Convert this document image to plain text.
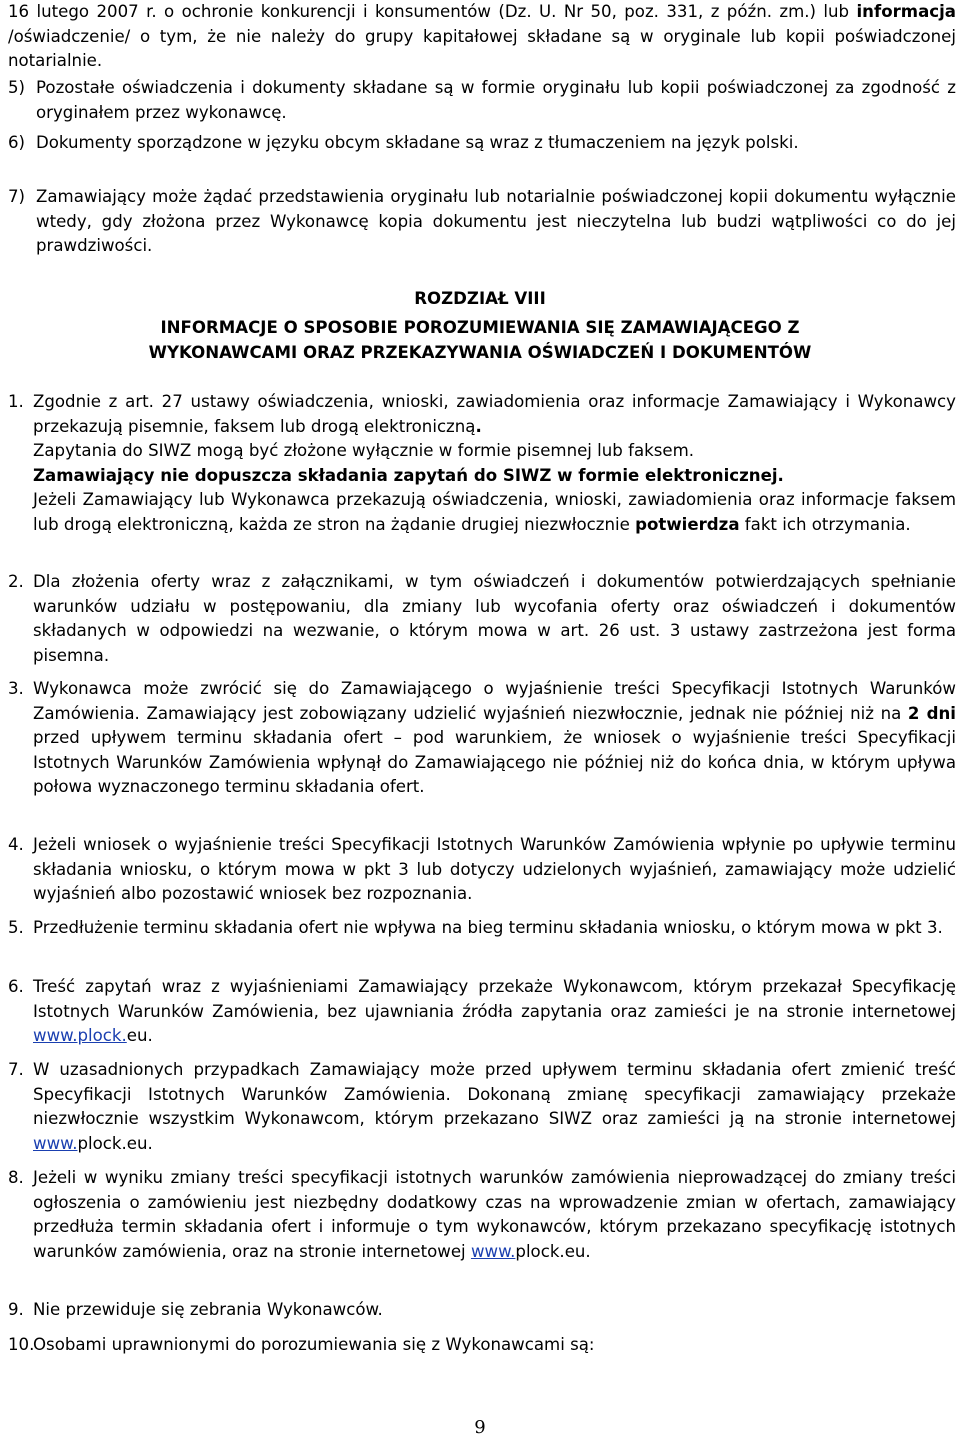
16 lutego 2007 r. o ochronie konkurencji i konsumentów (Dz. U. Nr 50, poz. 331, z późn. zm.) lub informacja /oświadczenie/ o tym, że nie należy do grupy kapitałowej składane są w oryginale lub kopii poświadczonej notarialnie.

5) Pozostałe oświadczenia i dokumenty składane są w formie oryginału lub kopii poświadczonej za zgodność z oryginałem przez wykonawcę.
6) Dokumenty sporządzone w języku obcym składane są wraz z tłumaczeniem na język polski.
7) Zamawiający może żądać przedstawienia oryginału lub notarialnie poświadczonej kopii dokumentu wyłącznie wtedy, gdy złożona przez Wykonawcę kopia dokumentu jest nieczytelna lub budzi wątpliwości co do jej prawdziwości.

ROZDZIAŁ VIII

INFORMACJE O SPOSOBIE POROZUMIEWANIA SIĘ ZAMAWIAJĄCEGO Z

WYKONAWCAMI ORAZ PRZEKAZYWANIA OŚWIADCZEŃ I DOKUMENTÓW

1. Zgodnie z art. 27 ustawy oświadczenia, wnioski, zawiadomienia oraz informacje Zamawiający i Wykonawcy przekazują pisemnie, faksem lub drogą elektroniczną.

Zapytania do SIWZ mogą być złożone wyłącznie w formie pisemnej lub faksem.

Zamawiający nie dopuszcza składania zapytań do SIWZ w formie elektronicznej.

Jeżeli Zamawiający lub Wykonawca przekazują oświadczenia, wnioski, zawiadomienia oraz informacje faksem lub drogą elektroniczną, każda ze stron na żądanie drugiej niezwłocznie potwierdza fakt ich otrzymania.

2. Dla złożenia oferty wraz z załącznikami, w tym oświadczeń i dokumentów potwierdzających spełnianie warunków udziału w postępowaniu, dla zmiany lub wycofania oferty oraz oświadczeń i dokumentów składanych w odpowiedzi na wezwanie, o którym mowa w art. 26 ust. 3 ustawy zastrzeżona jest forma pisemna.
3. Wykonawca może zwrócić się do Zamawiającego o wyjaśnienie treści Specyfikacji Istotnych Warunków Zamówienia. Zamawiający jest zobowiązany udzielić wyjaśnień niezwłocznie, jednak nie później niż na 2 dni przed upływem terminu składania ofert – pod warunkiem, że wniosek o wyjaśnienie treści Specyfikacji Istotnych Warunków Zamówienia wpłynął do Zamawiającego nie później niż do końca dnia, w którym upływa połowa wyznaczonego terminu składania ofert.
4. Jeżeli wniosek o wyjaśnienie treści Specyfikacji Istotnych Warunków Zamówienia wpłynie po upływie terminu składania wniosku, o którym mowa w pkt 3 lub dotyczy udzielonych wyjaśnień, zamawiający może udzielić wyjaśnień albo pozostawić wniosek bez rozpoznania.
5. Przedłużenie terminu składania ofert nie wpływa na bieg terminu składania wniosku, o którym mowa w pkt 3.
6. Treść zapytań wraz z wyjaśnieniami Zamawiający przekaże Wykonawcom, którym przekazał Specyfikację Istotnych Warunków Zamówienia, bez ujawniania źródła zapytania oraz zamieści je na stronie internetowej www.plock.eu.
7. W uzasadnionych przypadkach Zamawiający może przed upływem terminu składania ofert zmienić treść Specyfikacji Istotnych Warunków Zamówienia. Dokonaną zmianę specyfikacji zamawiający przekaże niezwłocznie wszystkim Wykonawcom, którym przekazano SIWZ oraz zamieści ją na stronie internetowej www.plock.eu.
8. Jeżeli w wyniku zmiany treści specyfikacji istotnych warunków zamówienia nieprowadzącej do zmiany treści ogłoszenia o zamówieniu jest niezbędny dodatkowy czas na wprowadzenie zmian w ofertach, zamawiający przedłuża termin składania ofert i informuje o tym wykonawców, którym przekazano specyfikację istotnych warunków zamówienia, oraz na stronie internetowej www.plock.eu.
9. Nie przewiduje się zebrania Wykonawców.
10.
Osobami uprawnionymi do porozumiewania się z Wykonawcami są:
9
